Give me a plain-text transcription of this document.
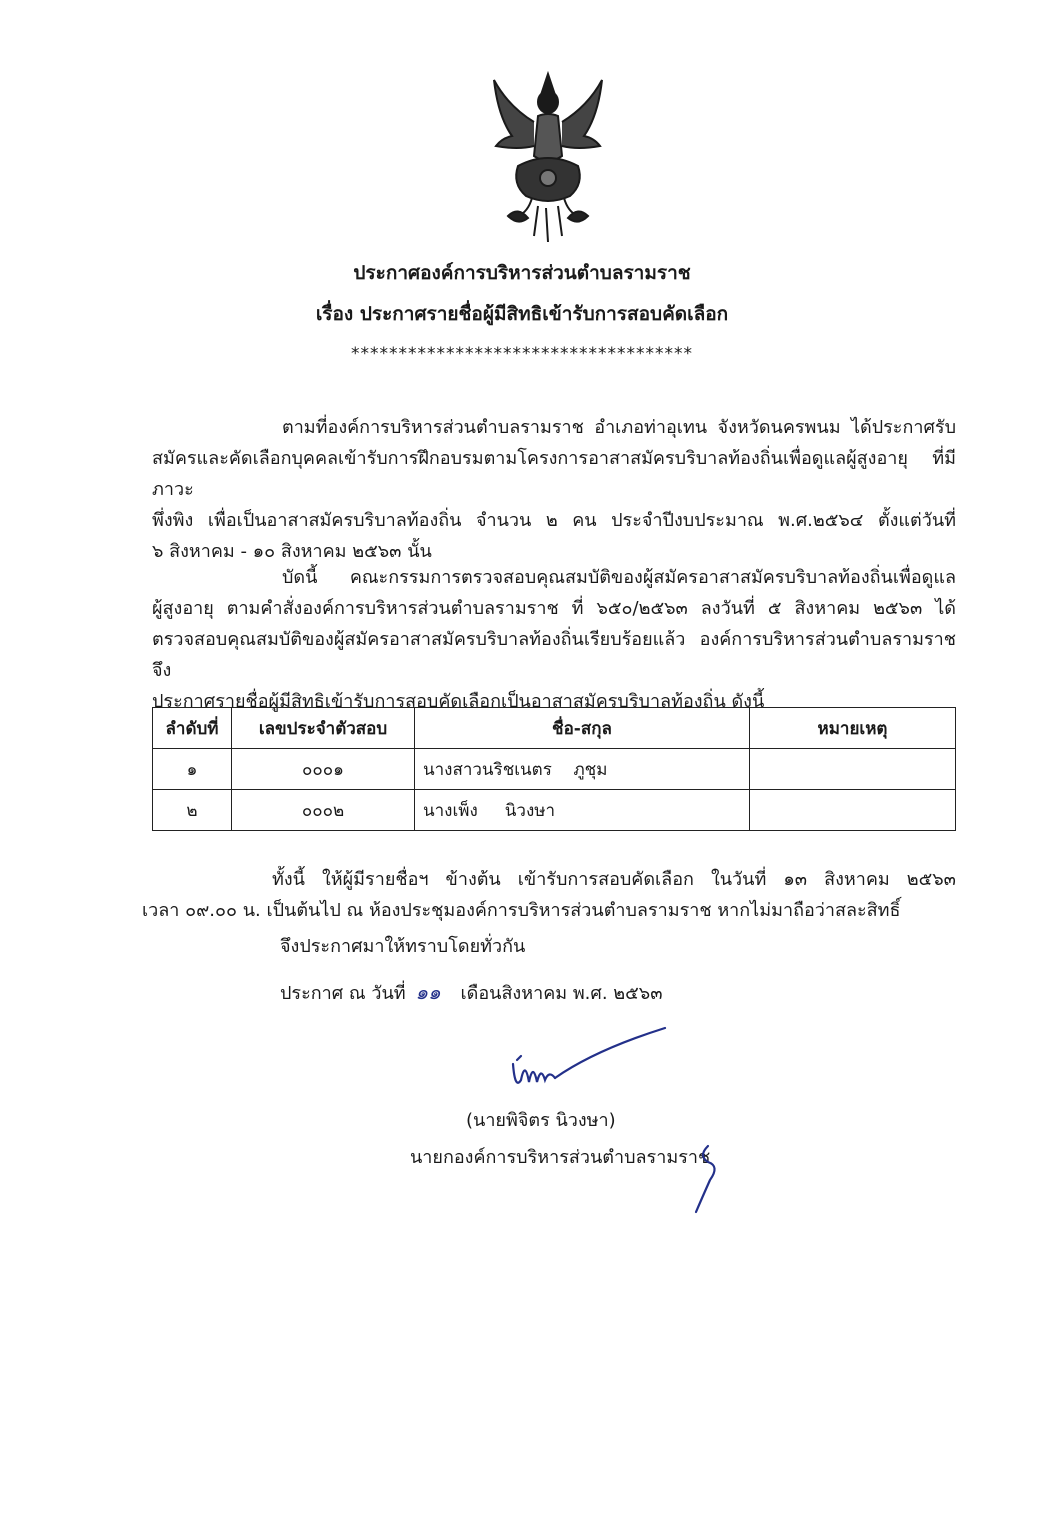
ประกาศองค์การบริหารส่วนตำบลรามราช
เรื่อง ประกาศรายชื่อผู้มีสิทธิเข้ารับการสอบคัดเลือก
************************************

ตามที่องค์การบริหารส่วนตำบลรามราช อำเภอท่าอุเทน จังหวัดนครพนม ได้ประกาศรับ

สมัครและคัดเลือกบุคคลเข้ารับการฝึกอบรมตามโครงการอาสาสมัครบริบาลท้องถิ่นเพื่อดูแลผู้สูงอายุ ที่มีภาวะ

พึ่งพิง เพื่อเป็นอาสาสมัครบริบาลท้องถิ่น จำนวน ๒ คน ประจำปีงบประมาณ พ.ศ.๒๕๖๔ ตั้งแต่วันที่

๖ สิงหาคม - ๑๐ สิงหาคม ๒๕๖๓ นั้น

บัดนี้ คณะกรรมการตรวจสอบคุณสมบัติของผู้สมัครอาสาสมัครบริบาลท้องถิ่นเพื่อดูแล

ผู้สูงอายุ ตามคำสั่งองค์การบริหารส่วนตำบลรามราช ที่ ๖๕๐/๒๕๖๓ ลงวันที่ ๕ สิงหาคม ๒๕๖๓ ได้

ตรวจสอบคุณสมบัติของผู้สมัครอาสาสมัครบริบาลท้องถิ่นเรียบร้อยแล้ว องค์การบริหารส่วนตำบลรามราช จึง

ประกาศรายชื่อผู้มีสิทธิเข้ารับการสอบคัดเลือกเป็นอาสาสมัครบริบาลท้องถิ่น ดังนี้

ลำดับที่	เลขประจำตัวสอบ	ชื่อ-สกุล	หมายเหตุ
๑	๐๐๐๑	นางสาวนริชเนตร    ภูชุม	
๒	๐๐๐๒	นางเพ็ง     นิวงษา	

ทั้งนี้ ให้ผู้มีรายชื่อฯ ข้างต้น เข้ารับการสอบคัดเลือก ในวันที่ ๑๓ สิงหาคม ๒๕๖๓

เวลา ๐๙.๐๐ น. เป็นต้นไป ณ ห้องประชุมองค์การบริหารส่วนตำบลรามราช หากไม่มาถือว่าสละสิทธิ์

จึงประกาศมาให้ทราบโดยทั่วกัน
ประกาศ ณ วันที่ ๑๑ เดือนสิงหาคม พ.ศ. ๒๕๖๓
(นายพิจิตร นิวงษา)
นายกองค์การบริหารส่วนตำบลรามราช
